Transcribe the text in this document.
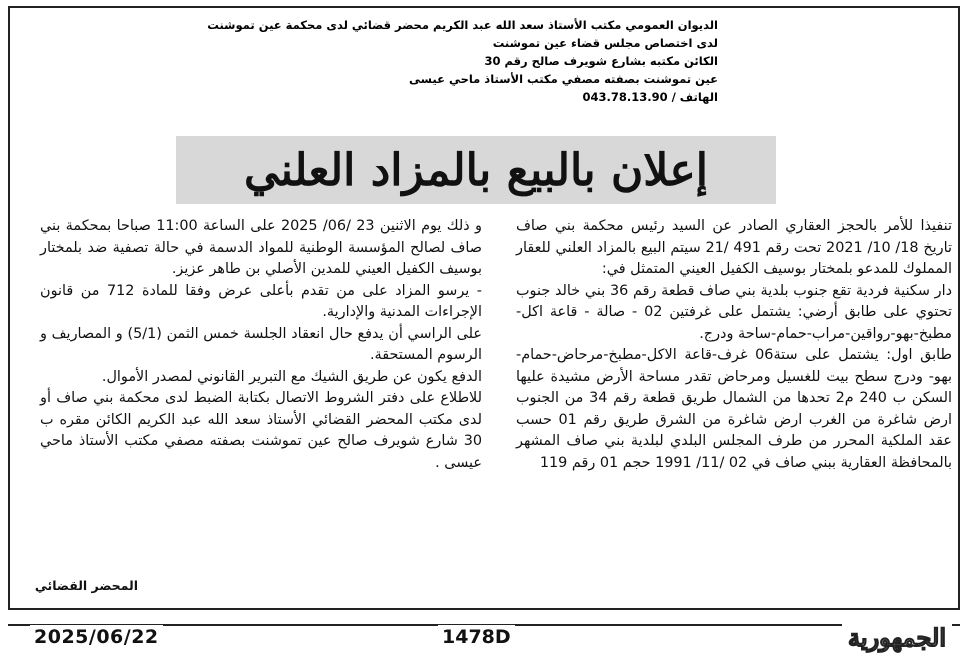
الديوان العمومي مكتب الأستاذ سعد الله عبد الكريم محضر قضائي لدى محكمة عين تموشنت
لدى اختصاص مجلس قضاء عين تموشنت
الكائن مكتبه بشارع شويرف صالح رقم 30
عين تموشنت بصفته مصفي مكتب الأستاذ ماحي عيسى
الهاتف / 043.78.13.90
إعلان بالبيع بالمزاد العلني

تنفيذا للأمر بالحجز العقاري الصادر عن السيد رئيس محكمة بني صاف تاريخ 18/ 10/ 2021 تحت رقم 491 /21 سيتم البيع بالمزاد العلني للعقار المملوك للمدعو بلمختار بوسيف الكفيل العيني المتمثل في:

دار سكنية فردية تقع جنوب بلدية بني صاف قطعة رقم 36 بني خالد جنوب تحتوي على طابق أرضي: يشتمل على غرفتين 02 - صالة - قاعة اكل-مطبخ-بهو-رواقين-مراب-حمام-ساحة ودرج.

طابق اول: يشتمل على ستة06 غرف-قاعة الاكل-مطبخ-مرحاض-حمام-بهو- ودرج سطح بيت للغسيل ومرحاض تقدر مساحة الأرض مشيدة عليها السكن ب 240 م2 تحدها من الشمال طريق قطعة رقم 34 من الجنوب ارض شاغرة من الغرب ارض شاغرة من الشرق طريق رقم 01 حسب عقد الملكية المحرر من طرف المجلس البلدي لبلدية بني صاف المشهر بالمحافظة العقارية ببني صاف في 02 /11/ 1991 حجم 01 رقم 119

و ذلك يوم الاثنين 23 /06/ 2025 على الساعة 11:00 صباحا بمحكمة بني صاف لصالح المؤسسة الوطنية للمواد الدسمة في حالة تصفية ضد بلمختار بوسيف الكفيل العيني للمدين الأصلي بن طاهر عزيز.

- يرسو المزاد على من تقدم بأعلى عرض وفقا للمادة 712 من قانون الإجراءات المدنية والإدارية.

على الراسي أن يدفع حال انعقاد الجلسة خمس الثمن (5/1) و المصاريف و الرسوم المستحقة.

الدفع يكون عن طريق الشيك مع التبرير القانوني لمصدر الأموال.

للاطلاع على دفتر الشروط الاتصال بكتابة الضبط لدى محكمة بني صاف أو لدى مكتب المحضر القضائي الأستاذ سعد الله عبد الكريم الكائن مقره ب 30 شارع شويرف صالح عين تموشنت بصفته مصفي مكتب الأستاذ ماحي عيسى .

المحضر القضائي
2025/06/22	1478D	الجمهورية
